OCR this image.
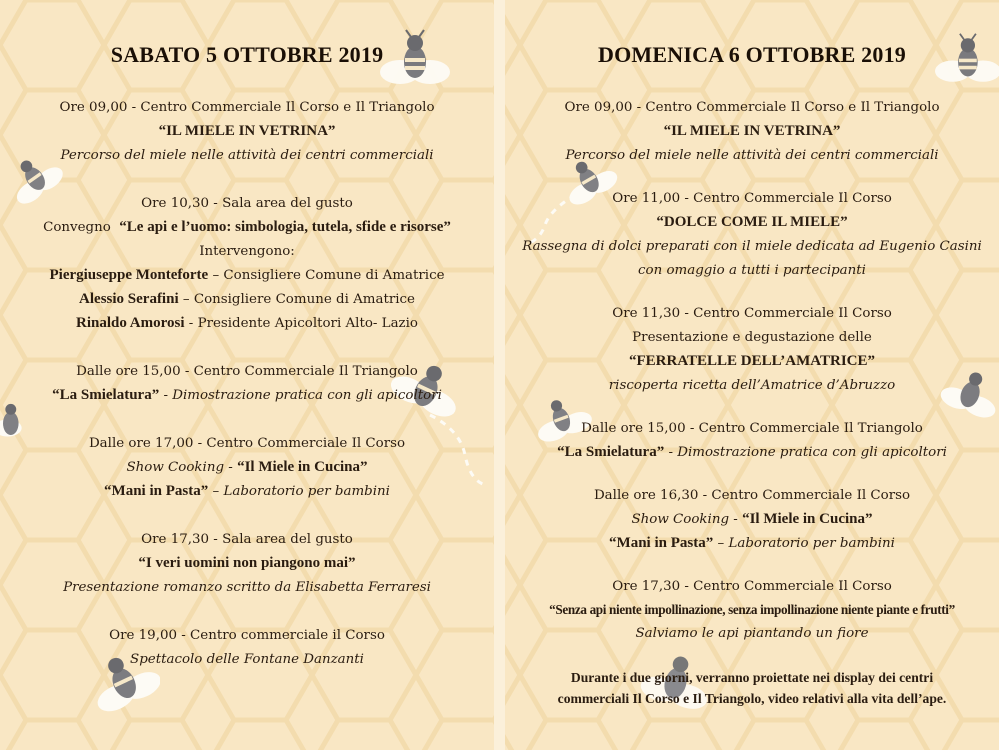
SABATO 5 OTTOBRE 2019
Ore 09,00 - Centro Commerciale Il Corso e Il Triangolo
“IL MIELE IN VETRINA”
Percorso del miele nelle attività dei centri commerciali
Ore 10,30 - Sala area del gusto
Convegno “Le api e l’uomo: simbologia, tutela, sfide e risorse”
Intervengono:
Piergiuseppe Monteforte – Consigliere Comune di Amatrice
Alessio Serafini – Consigliere Comune di Amatrice
Rinaldo Amorosi - Presidente Apicoltori Alto- Lazio
Dalle ore 15,00 - Centro Commerciale Il Triangolo
“La Smielatura” - Dimostrazione pratica con gli apicoltori
Dalle ore 17,00 - Centro Commerciale Il Corso
Show Cooking - “Il Miele in Cucina”
“Mani in Pasta” – Laboratorio per bambini
Ore 17,30 - Sala area del gusto
“I veri uomini non piangono mai”
Presentazione romanzo scritto da Elisabetta Ferraresi
Ore 19,00 - Centro commerciale il Corso
Spettacolo delle Fontane Danzanti
DOMENICA 6 OTTOBRE 2019
Ore 09,00 - Centro Commerciale Il Corso e Il Triangolo
“IL MIELE IN VETRINA”
Percorso del miele nelle attività dei centri commerciali
Ore 11,00 - Centro Commerciale Il Corso
“DOLCE COME IL MIELE”
Rassegna di dolci preparati con il miele dedicata ad Eugenio Casini
con omaggio a tutti i partecipanti
Ore 11,30 - Centro Commerciale Il Corso
Presentazione e degustazione delle
“FERRATELLE DELL’AMATRICE”
riscoperta ricetta dell’Amatrice d’Abruzzo
Dalle ore 15,00 - Centro Commerciale Il Triangolo
“La Smielatura” - Dimostrazione pratica con gli apicoltori
Dalle ore 16,30 - Centro Commerciale Il Corso
Show Cooking - “Il Miele in Cucina”
“Mani in Pasta” – Laboratorio per bambini
Ore 17,30 - Centro Commerciale Il Corso
“Senza api niente impollinazione, senza impollinazione niente piante e frutti”
Salviamo le api piantando un fiore
Durante i due giorni, verranno proiettate nei display dei centri
commerciali Il Corso e Il Triangolo, video relativi alla vita dell’ape.
